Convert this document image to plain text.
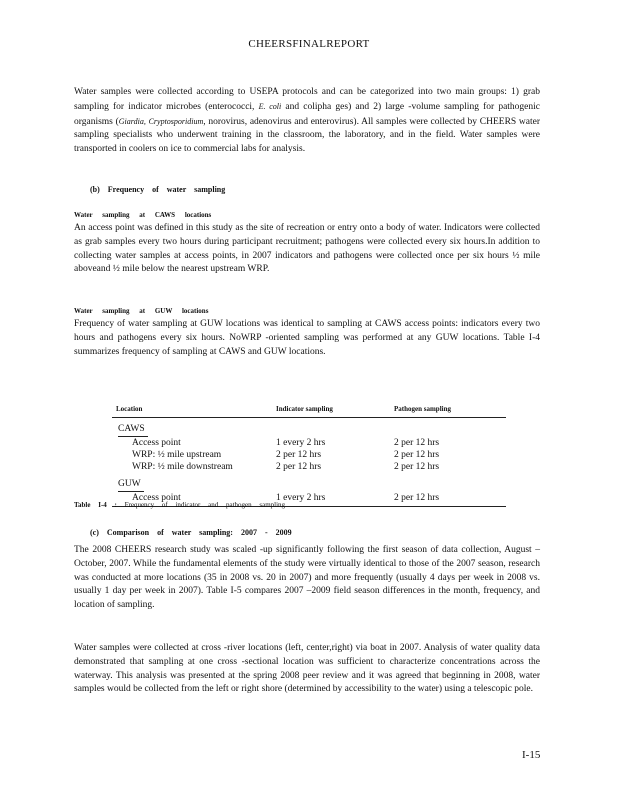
CHEERSFINALREPORT

Water samples were collected according to USEPA protocols and can be categorized into two main groups: 1) grab sampling for indicator microbes (enterococci, E. coli and colipha ges) and 2) large -volume sampling for pathogenic organisms (Giardia, Cryptosporidium, norovirus, adenovirus and enterovirus). All samples were collected by CHEERS water sampling specialists who underwent training in the classroom, the laboratory, and in the field. Water samples were transported in coolers on ice to commercial labs for analysis.

(b) Frequency of water sampling
Water sampling at CAWS locations

An access point was defined in this study as the site of recreation or entry onto a body of water. Indicators were collected as grab samples every two hours during participant recruitment; pathogens were collected every six hours.In addition to collecting water samples at access points, in 2007 indicators and pathogens were collected once per six hours ½ mile aboveand ½ mile below the nearest upstream WRP.

Water sampling at GUW locations

Frequency of water sampling at GUW locations was identical to sampling at CAWS access points: indicators every two hours and pathogens every six hours. NoWRP -oriented sampling was performed at any GUW locations. Table I-4 summarizes frequency of sampling at CAWS and GUW locations.

Location	Indicator sampling	Pathogen sampling
CAWS
Access point	1 every 2 hrs	2 per 12 hrs
WRP: ½ mile upstream	2 per 12 hrs	2 per 12 hrs
WRP: ½ mile downstream	2 per 12 hrs	2 per 12 hrs
GUW
Access point	1 every 2 hrs	2 per 12 hrs
Table I-4 : Frequency of indicator and pathogen sampling
(c) Comparison of water sampling: 2007 - 2009

The 2008 CHEERS research study was scaled -up significantly following the first season of data collection, August –October, 2007. While the fundamental elements of the study were virtually identical to those of the 2007 season, research was conducted at more locations (35 in 2008 vs. 20 in 2007) and more frequently (usually 4 days per week in 2008 vs. usually 1 day per week in 2007). Table I-5 compares 2007 –2009 field season differences in the month, frequency, and location of sampling.

Water samples were collected at cross -river locations (left, center,right) via boat in 2007. Analysis of water quality data demonstrated that sampling at one cross -sectional location was sufficient to characterize concentrations across the waterway. This analysis was presented at the spring 2008 peer review and it was agreed that beginning in 2008, water samples would be collected from the left or right shore (determined by accessibility to the water) using a telescopic pole.

I-15
